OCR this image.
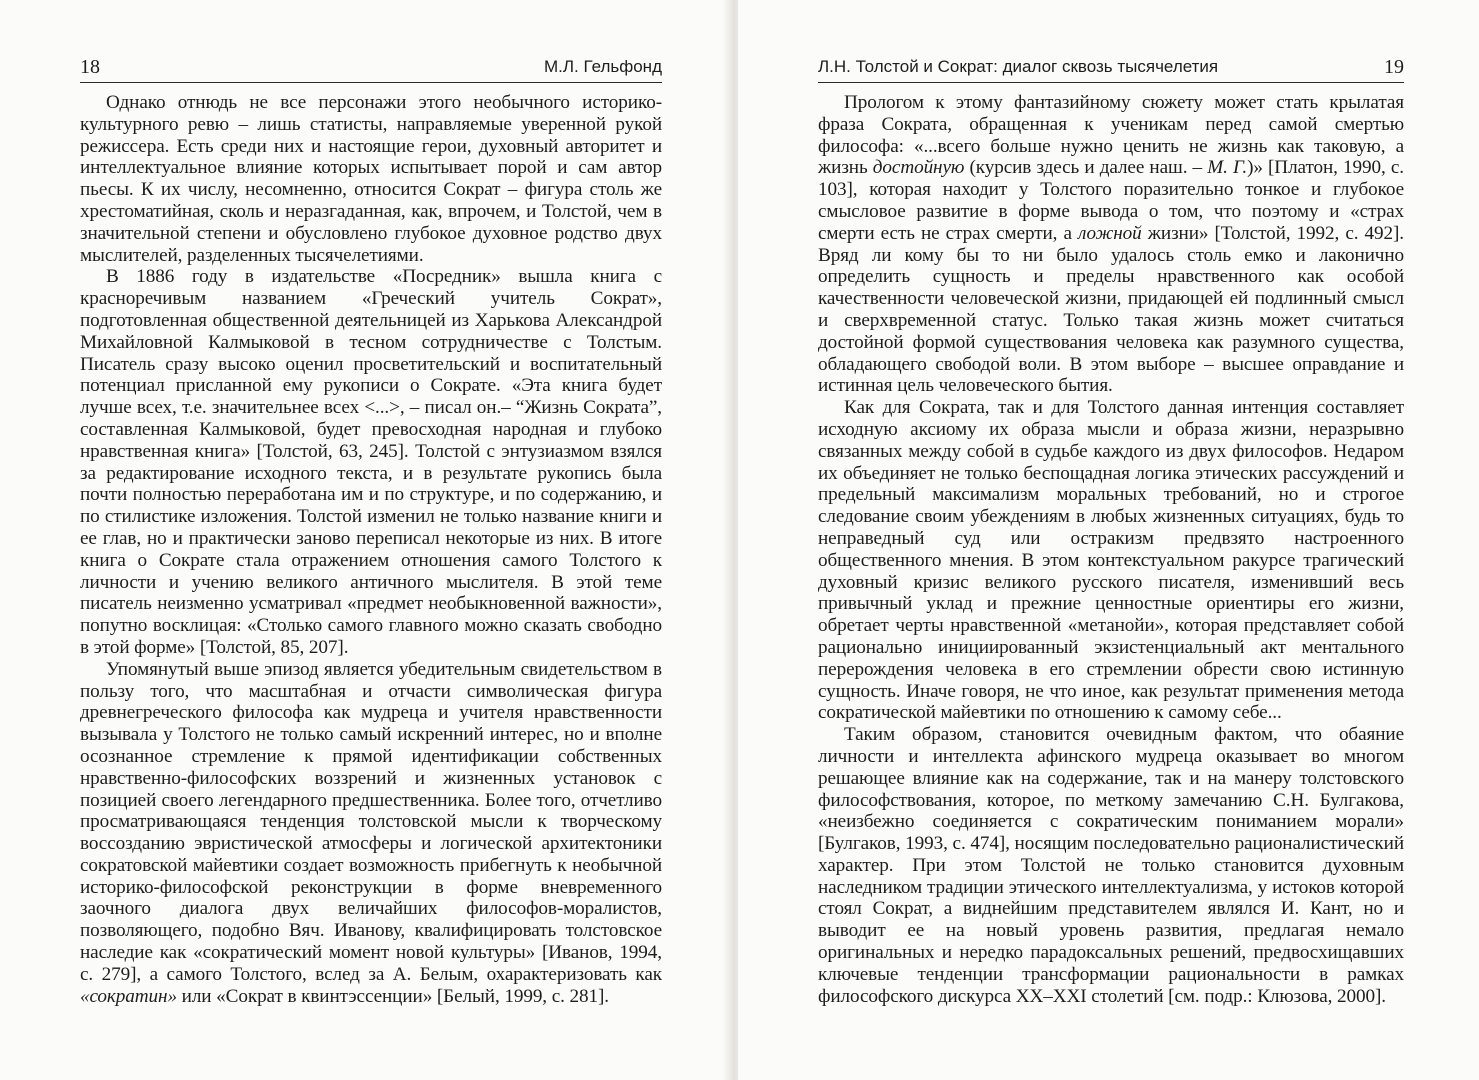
18	М.Л. Гельфонд

Однако отнюдь не все персонажи этого необычного историко-культурного ревю – лишь статисты, направляемые уверенной рукой режиссера. Есть среди них и настоящие герои, духовный авторитет и интеллектуальное влияние которых испытывает порой и сам автор пьесы. К их числу, несомненно, относится Сократ – фигура столь же хрестоматийная, сколь и неразгаданная, как, впрочем, и Толстой, чем в значительной степени и обусловлено глубокое духовное родство двух мыслителей, разделенных тысячелетиями.

В 1886 году в издательстве «Посредник» вышла книга с красноречивым названием «Греческий учитель Сократ», подготовленная общественной деятельницей из Харькова Александрой Михайловной Калмыковой в тесном сотрудничестве с Толстым. Писатель сразу высоко оценил просветительский и воспитательный потенциал присланной ему рукописи о Сократе. «Эта книга будет лучше всех, т.е. значительнее всех <...>, – писал он.– “Жизнь Сократа”, составленная Калмыковой, будет превосходная народная и глубоко нравственная книга» [Толстой, 63, 245]. Толстой с энтузиазмом взялся за редактирование исходного текста, и в результате рукопись была почти полностью переработана им и по структуре, и по содержанию, и по стилистике изложения. Толстой изменил не только название книги и ее глав, но и практически заново переписал некоторые из них. В итоге книга о Сократе стала отражением отношения самого Толстого к личности и учению великого античного мыслителя. В этой теме писатель неизменно усматривал «предмет необыкновенной важности», попутно восклицая: «Столько самого главного можно сказать свободно в этой форме» [Толстой, 85, 207].

Упомянутый выше эпизод является убедительным свидетельством в пользу того, что масштабная и отчасти символическая фигура древнегреческого философа как мудреца и учителя нравственности вызывала у Толстого не только самый искренний интерес, но и вполне осознанное стремление к прямой идентификации собственных нравственно-философских воззрений и жизненных установок с позицией своего легендарного предшественника. Более того, отчетливо просматривающаяся тенденция толстовской мысли к творческому воссозданию эвристической атмосферы и логической архитектоники сократовской майевтики создает возможность прибегнуть к необычной историко-философской реконструкции в форме вневременного заочного диалога двух величайших философов-моралистов, позволяющего, подобно Вяч. Иванову, квалифицировать толстовское наследие как «сократический момент новой культуры» [Иванов, 1994, с. 279], а самого Толстого, вслед за А. Белым, охарактеризовать как «сократин» или «Сократ в квинтэссенции» [Белый, 1999, с. 281].

Л.Н. Толстой и Сократ: диалог сквозь тысячелетия	19

Прологом к этому фантазийному сюжету может стать крылатая фраза Сократа, обращенная к ученикам перед самой смертью философа: «...всего больше нужно ценить не жизнь как таковую, а жизнь достойную (курсив здесь и далее наш. – М. Г.)» [Платон, 1990, с. 103], которая находит у Толстого поразительно тонкое и глубокое смысловое развитие в форме вывода о том, что поэтому и «страх смерти есть не страх смерти, а ложной жизни» [Толстой, 1992, с. 492]. Вряд ли кому бы то ни было удалось столь емко и лаконично определить сущность и пределы нравственного как особой качественности человеческой жизни, придающей ей подлинный смысл и сверхвременной статус. Только такая жизнь может считаться достойной формой существования человека как разумного существа, обладающего свободой воли. В этом выборе – высшее оправдание и истинная цель человеческого бытия.

Как для Сократа, так и для Толстого данная интенция составляет исходную аксиому их образа мысли и образа жизни, неразрывно связанных между собой в судьбе каждого из двух философов. Недаром их объединяет не только беспощадная логика этических рассуждений и предельный максимализм моральных требований, но и строгое следование своим убеждениям в любых жизненных ситуациях, будь то неправедный суд или остракизм предвзято настроенного общественного мнения. В этом контекстуальном ракурсе трагический духовный кризис великого русского писателя, изменивший весь привычный уклад и прежние ценностные ориентиры его жизни, обретает черты нравственной «метанойи», которая представляет собой рационально инициированный экзистенциальный акт ментального перерождения человека в его стремлении обрести свою истинную сущность. Иначе говоря, не что иное, как результат применения метода сократической майевтики по отношению к самому себе...

Таким образом, становится очевидным фактом, что обаяние личности и интеллекта афинского мудреца оказывает во многом решающее влияние как на содержание, так и на манеру толстовского философствования, которое, по меткому замечанию С.Н. Булгакова, «неизбежно соединяется с сократическим пониманием морали» [Булгаков, 1993, с. 474], носящим последовательно рационалистический характер. При этом Толстой не только становится духовным наследником традиции этического интеллектуализма, у истоков которой стоял Сократ, а виднейшим представителем являлся И. Кант, но и выводит ее на новый уровень развития, предлагая немало оригинальных и нередко парадоксальных решений, предвосхищавших ключевые тенденции трансформации рациональности в рамках философского дискурса XX–XXI столетий [см. подр.: Клюзова, 2000].
